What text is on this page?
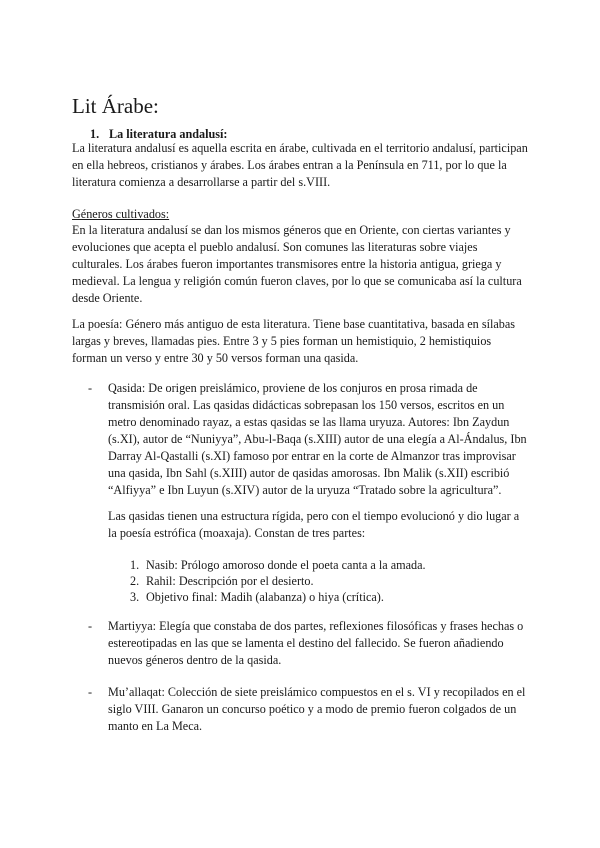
Lit Árabe:

1. La literatura andalusí:

La literatura andalusí es aquella escrita en árabe, cultivada en el territorio andalusí, participan en ella hebreos, cristianos y árabes. Los árabes entran a la Península en 711, por lo que la literatura comienza a desarrollarse a partir del s.VIII.

Géneros cultivados:

En la literatura andalusí se dan los mismos géneros que en Oriente, con ciertas variantes y evoluciones que acepta el pueblo andalusí. Son comunes las literaturas sobre viajes culturales. Los árabes fueron importantes transmisores entre la historia antigua, griega y medieval. La lengua y religión común fueron claves, por lo que se comunicaba así la cultura desde Oriente.

La poesía: Género más antiguo de esta literatura. Tiene base cuantitativa, basada en sílabas largas y breves, llamadas pies. Entre 3 y 5 pies forman un hemistiquio, 2 hemistiquios forman un verso y entre 30 y 50 versos forman una qasida.

-	Qasida: De origen preislámico, proviene de los conjuros en prosa rimada de transmisión oral. Las qasidas didácticas sobrepasan los 150 versos, escritos en un metro denominado rayaz, a estas qasidas se las llama uryuza. Autores: Ibn Zaydun (s.XI), autor de “Nuniyya”, Abu-l-Baqa (s.XIII) autor de una elegía a Al-Ándalus, Ibn Darray Al-Qastalli (s.XI) famoso por entrar en la corte de Almanzor tras improvisar una qasida, Ibn Sahl (s.XIII) autor de qasidas amorosas. Ibn Malik (s.XII) escribió “Alfiyya” e Ibn Luyun (s.XIV) autor de la uryuza “Tratado sobre la agricultura”.

Las qasidas tienen una estructura rígida, pero con el tiempo evolucionó y dio lugar a la poesía estrófica (moaxaja). Constan de tres partes:

1. Nasib: Prólogo amoroso donde el poeta canta a la amada.
2. Rahil: Descripción por el desierto.
3. Objetivo final: Madih (alabanza) o hiya (crítica).
-	Martiyya: Elegía que constaba de dos partes, reflexiones filosóficas y frases hechas o estereotipadas en las que se lamenta el destino del fallecido. Se fueron añadiendo nuevos géneros dentro de la qasida.
-	Mu’allaqat: Colección de siete preislámico compuestos en el s. VI y recopilados en el siglo VIII. Ganaron un concurso poético y a modo de premio fueron colgados de un manto en La Meca.
